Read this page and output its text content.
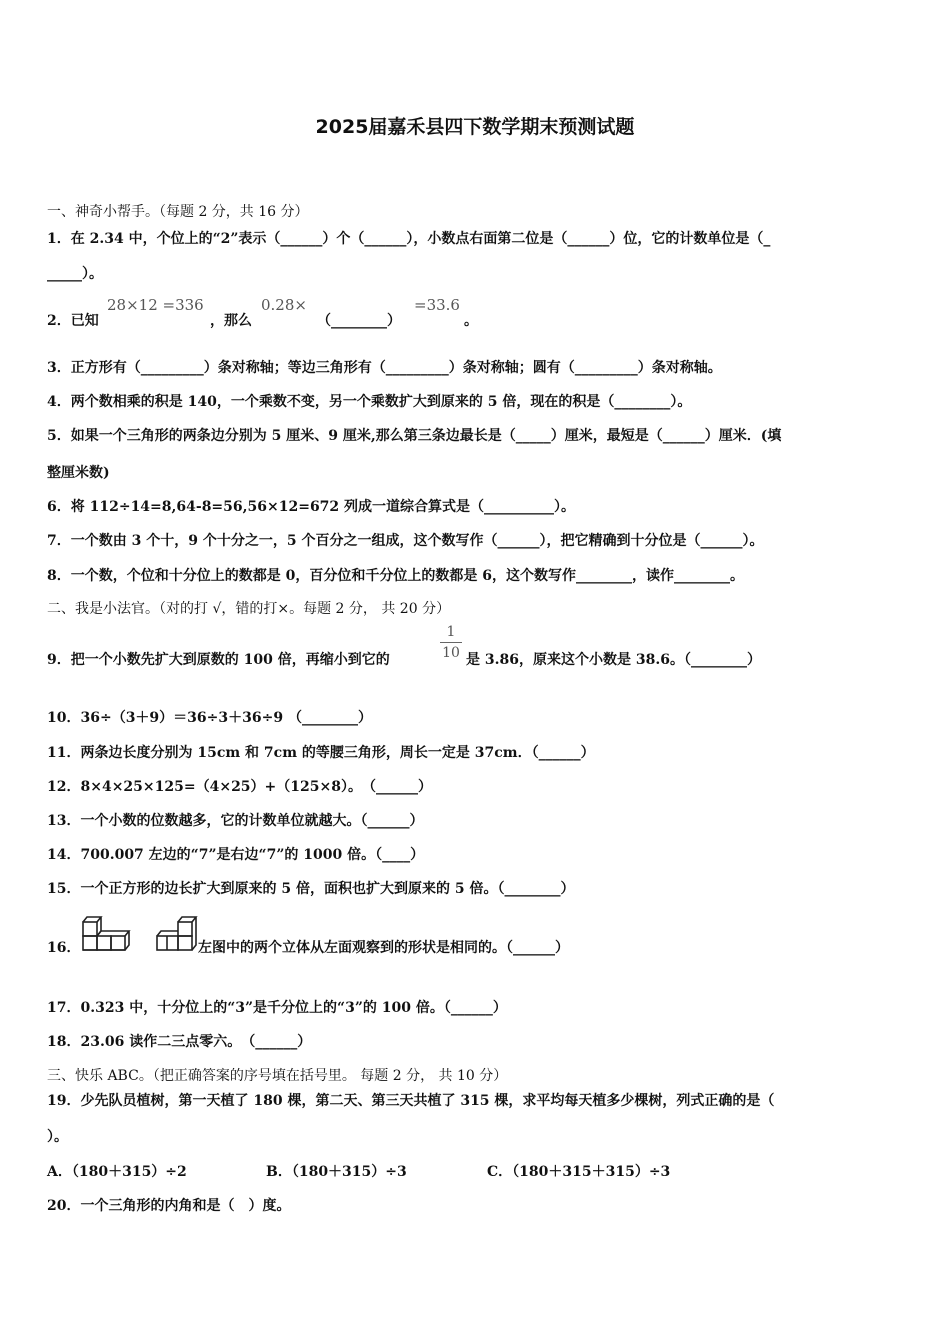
2025届嘉禾县四下数学期末预测试题
一、神奇小帮手。（每题 2 分，共 16 分）
1．在 2.34 中，个位上的“2”表示（______）个（______），小数点右面第二位是（______）位，它的计数单位是（_
_____）。
2．已知
28×12 =336
，那么
0.28×
（________）
=33.6
。
3．正方形有（_________）条对称轴；等边三角形有（_________）条对称轴；圆有（_________）条对称轴。
4．两个数相乘的积是 140，一个乘数不变，另一个乘数扩大到原来的 5 倍，现在的积是（________）。
5．如果一个三角形的两条边分别为 5 厘米、9 厘米,那么第三条边最长是（_____）厘米，最短是（______）厘米．(填
整厘米数)
6．将 112÷14=8,64-8=56,56×12=672 列成一道综合算式是（__________）。
7．一个数由 3 个十，9 个十分之一，5 个百分之一组成，这个数写作（______），把它精确到十分位是（______）。
8．一个数，个位和十分位上的数都是 0，百分位和千分位上的数都是 6，这个数写作________，读作________。
二、我是小法官。（对的打 √，错的打×。每题 2 分， 共 20 分）
9．把一个小数先扩大到原数的 100 倍，再缩小到它的
1
10 是 3.86，原来这个小数是 38.6。（________）
10．36÷（3＋9）＝36÷3＋36÷9 （________）
11．两条边长度分别为 15cm 和 7cm 的等腰三角形，周长一定是 37cm．（______）
12．8×4×25×125=（4×25）+（125×8）。　（______）
13．一个小数的位数越多，它的计数单位就越大。（______）
14．700.007 左边的“7”是右边“7”的 1000 倍。（____）
15．一个正方形的边长扩大到原来的 5 倍，面积也扩大到原来的 5 倍。（________）
16．	左图中的两个立体从左面观察到的形状是相同的。（______）
17．0.323 中，十分位上的“3”是千分位上的“3”的 100 倍。（______）
18．23.06 读作二三点零六。　（______）
三、快乐 ABC。（把正确答案的序号填在括号里。 每题 2 分， 共 10 分）
19．少先队员植树，第一天植了 180 棵，第二天、第三天共植了 315 棵，求平均每天植多少棵树，列式正确的是（
）。
A．（180＋315）÷2	B．（180＋315）÷3	C．（180＋315＋315）÷3
20．一个三角形的内角和是（　）度。
